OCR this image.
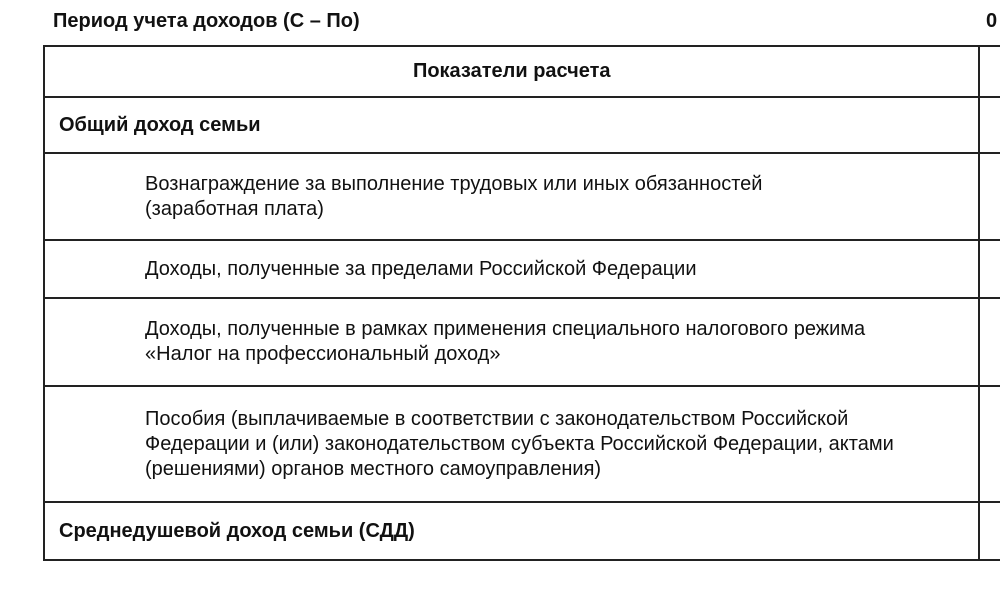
Период учета доходов (С – По)	0
Показатели расчета	
Общий доход семьи	
Вознаграждение за выполнение трудовых или иных обязанностей (заработная плата)	
Доходы, полученные за пределами Российской Федерации	
Доходы, полученные в рамках применения специального налогового режима «Налог на профессиональный доход»	
Пособия (выплачиваемые в соответствии с законодательством Российской Федерации и (или) законодательством субъекта Российской Федерации, актами (решениями) органов местного самоуправления)	
Среднедушевой доход семьи (СДД)	
